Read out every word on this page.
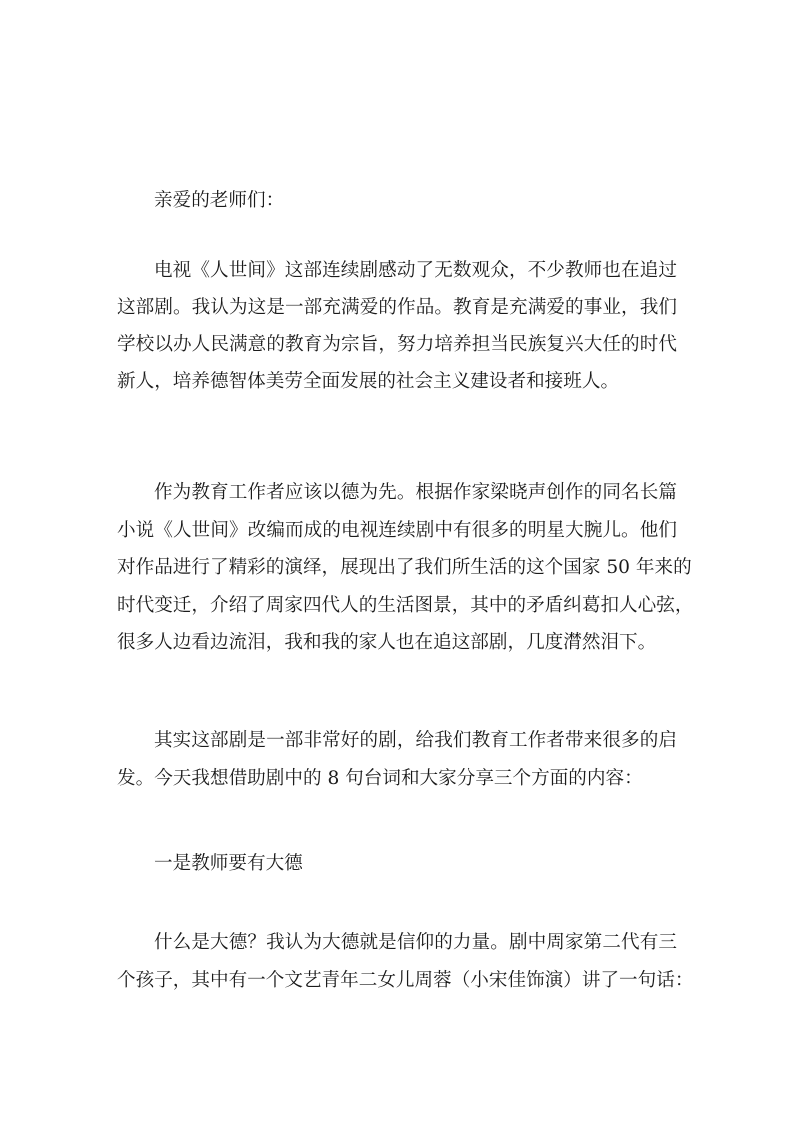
亲爱的老师们：
电视《人世间》这部连续剧感动了无数观众，不少教师也在追过
这部剧。我认为这是一部充满爱的作品。教育是充满爱的事业，我们
学校以办人民满意的教育为宗旨，努力培养担当民族复兴大任的时代
新人，培养德智体美劳全面发展的社会主义建设者和接班人。
作为教育工作者应该以德为先。根据作家梁晓声创作的同名长篇
小说《人世间》改编而成的电视连续剧中有很多的明星大腕儿。他们
对作品进行了精彩的演绎，展现出了我们所生活的这个国家 50 年来的
时代变迁，介绍了周家四代人的生活图景，其中的矛盾纠葛扣人心弦，
很多人边看边流泪，我和我的家人也在追这部剧，几度潸然泪下。
其实这部剧是一部非常好的剧，给我们教育工作者带来很多的启
发。今天我想借助剧中的 8 句台词和大家分享三个方面的内容：
一是教师要有大德
什么是大德？我认为大德就是信仰的力量。剧中周家第二代有三
个孩子，其中有一个文艺青年二女儿周蓉（小宋佳饰演）讲了一句话：
